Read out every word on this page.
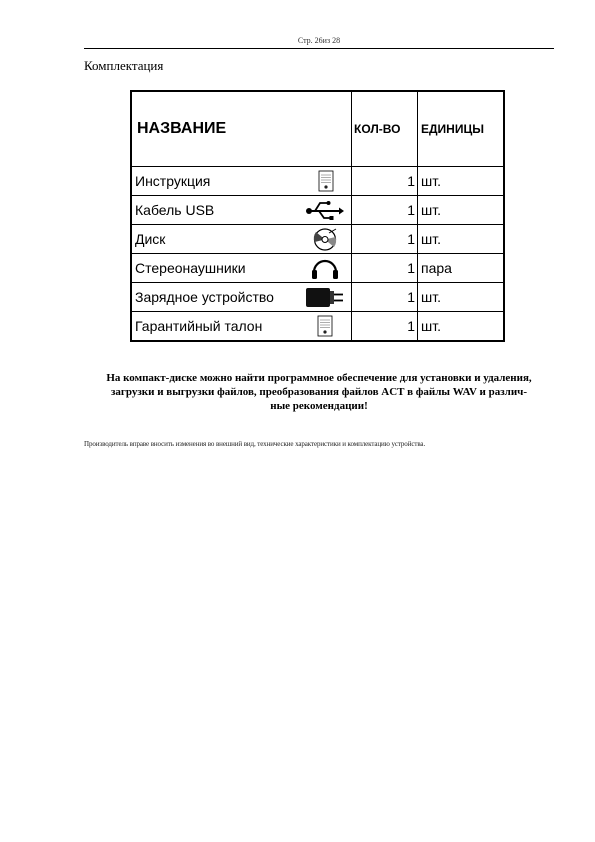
Стр. 26из 28
Комплектация
НАЗВАНИЕ	КОЛ-ВО	ЕДИНИЦЫ
Инструкция	1	шт.
Кабель USB	1	шт.
Диск	1	шт.
Стереонаушники	1	пара
Зарядное устройство	1	шт.
Гарантийный талон	1	шт.
На компакт-диске можно найти программное обеспечение для установки и удаления,
загрузки и выгрузки файлов, преобразования файлов ACT в файлы WAV и различ-
ные рекомендации!
Производитель вправе вносить изменения во внешний вид, технические характеристики и комплектацию устройства.
